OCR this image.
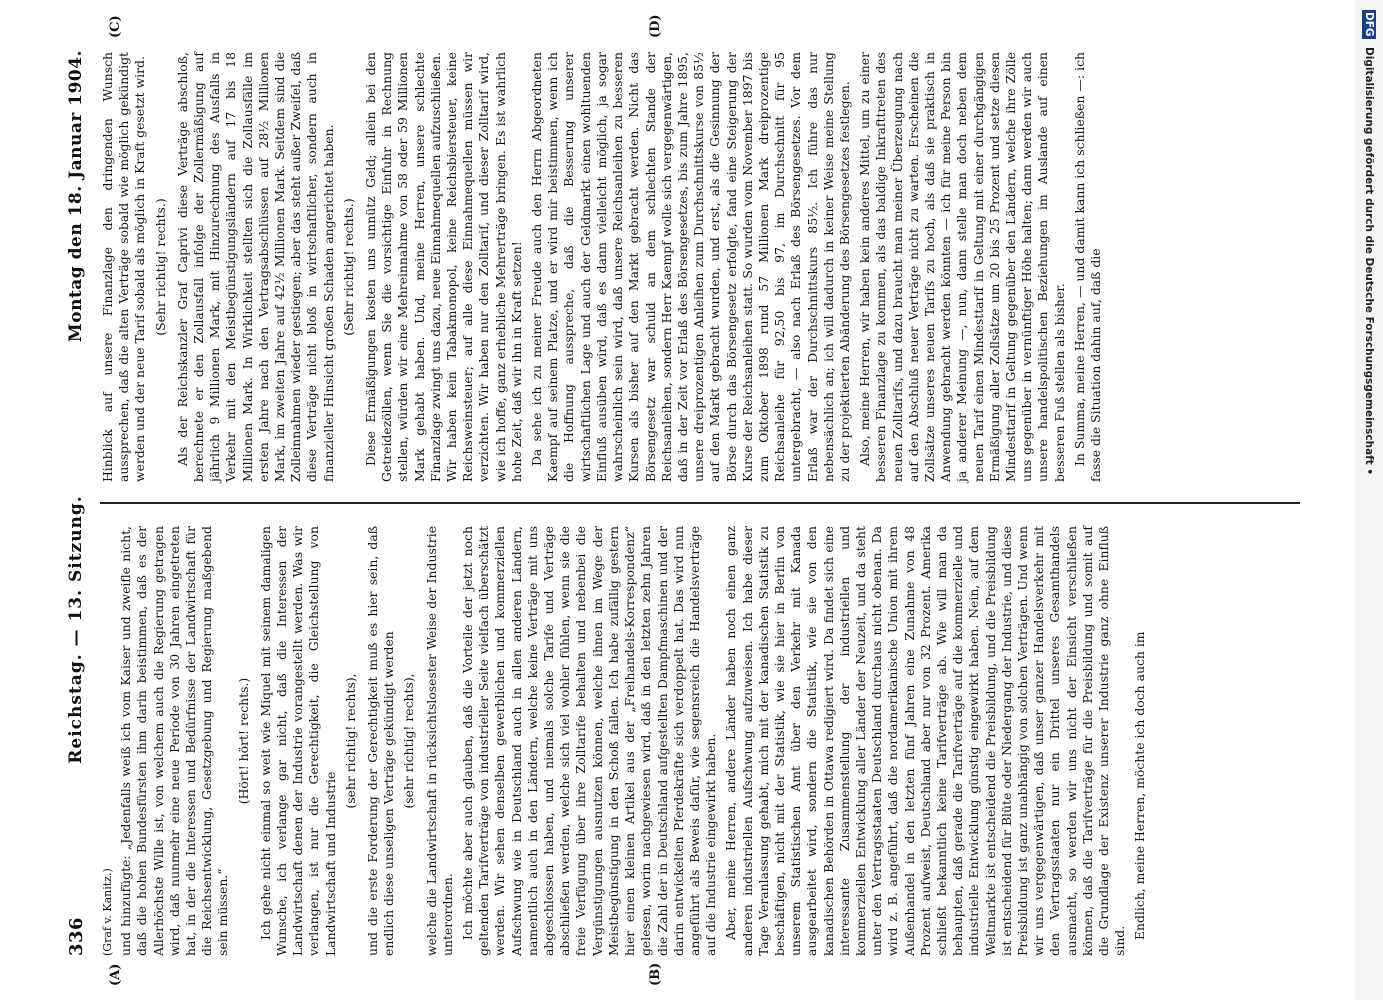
DFG
Digitalisierung gefördert durch die Deutsche Forschungsgemeinschaft •
336
Reichstag. — 13. Sitzung.
Montag den 18. Januar 1904.
(A)	(B)
(C)	(D)
(Graf v. Kanitz.) und hinzufügte: „Jedenfalls weiß ich vom Kaiser und zweifle nicht, daß die hohen Bundesfürsten ihm darin beistimmen, daß es der Allerhöchste Wille ist, von welchem auch die Regierung getragen wird, daß nunmehr eine neue Periode von 30 Jahren eingetreten hat, in der die Interessen und Bedürfnisse der Landwirtschaft für die Reichsentwicklung, Gesetzgebung und Regierung maßgebend sein müssen.“

(Hört! hört! rechts.) Ich gehe nicht einmal so weit wie Miquel mit seinem damaligen Wunsche, ich verlange gar nicht, daß die Interessen der Landwirtschaft denen der Industrie vorangestellt werden. Was wir verlangen, ist nur die Gerechtigkeit, die Gleichstellung von Landwirtschaft und Industrie

(sehr richtig! rechts), und die erste Forderung der Gerechtigkeit muß es hier sein, daß endlich diese unseligen Verträge gekündigt werden (sehr richtig! rechts), welche die Landwirtschaft in rücksichtslosester Weise der Industrie unterordnen. Ich möchte aber auch glauben, daß die Vorteile der jetzt noch geltenden Tarifverträge von industrieller Seite vielfach überschätzt werden. Wir sehen denselben gewerblichen und kommerziellen Aufschwung wie in Deutschland auch in allen anderen Ländern, namentlich auch in den Ländern, welche keine Verträge mit uns abgeschlossen haben, und niemals solche Tarife und Verträge abschließen werden, welche sich viel wohler fühlen, wenn sie die freie Verfügung über ihre Zolltarife behalten und nebenbei die Vergünstigungen ausnutzen können, welche ihnen im Wege der Meistbegünstigung in den Schoß fallen. Ich habe zufällig gestern hier einen kleinen Artikel aus der „Freihandels-Korrespondenz“ gelesen, worin nachgewiesen wird, daß in den letzten zehn Jahren die Zahl der in Deutschland aufgestellten Dampfmaschinen und der darin entwickelten Pferdekräfte sich verdoppelt hat. Das wird nun angeführt als Beweis dafür, wie segensreich die Handelsverträge auf die Industrie eingewirkt haben. Aber, meine Herren, andere Länder haben noch einen ganz anderen industriellen Aufschwung aufzuweisen. Ich habe dieser Tage Veranlassung gehabt, mich mit der kanadischen Statistik zu beschäftigen, nicht mit der Statistik, wie sie hier in Berlin von unserem Statistischen Amt über den Verkehr mit Kanada ausgearbeitet wird, sondern die Statistik, wie sie von den kanadischen Behörden in Ottawa redigiert wird. Da findet sich eine interessante Zusammenstellung der industriellen und kommerziellen Entwicklung aller Länder der Neuzeit, und da steht unter den Vertragsstaaten Deutschland durchaus nicht obenan. Da wird z. B. angeführt, daß die nordamerikanische Union mit ihrem Außenhandel in den letzten fünf Jahren eine Zunahme von 48 Prozent aufweist, Deutschland aber nur von 32 Prozent. Amerika schließt bekanntlich keine Tarifverträge ab. Wie will man da behaupten, daß gerade die Tarifverträge auf die kommerzielle und industrielle Entwicklung günstig eingewirkt haben. Nein, auf dem Weltmarkte ist entscheidend die Preisbildung, und die Preisbildung ist entscheidend für Blüte oder Niedergang der Industrie, und diese Preisbildung ist ganz unabhängig von solchen Verträgen. Und wenn wir uns vergegenwärtigen, daß unser ganzer Handelsverkehr mit den Vertragsstaaten nur ein Drittel unseres Gesamthandels ausmacht, so werden wir uns nicht der Einsicht verschließen können, daß die Tarifverträge für die Preisbildung und somit auf die Grundlage der Existenz unserer Industrie ganz ohne Einfluß sind.

Endlich, meine Herren, möchte ich doch auch im

Hinblick auf unsere Finanzlage den dringenden Wunsch aussprechen, daß die alten Verträge sobald wie möglich gekündigt werden und der neue Tarif sobald als möglich in Kraft gesetzt wird. (Sehr richtig! rechts.) Als der Reichskanzler Graf Caprivi diese Verträge abschloß, berechnete er den Zollausfall infolge der Zollermäßigung auf jährlich 9 Millionen Mark, mit Hinzurechnung des Ausfalls in Verkehr mit den Meistbegünstigungsländern auf 17 bis 18 Millionen Mark. In Wirklichkeit stellten sich die Zollausfälle im ersten Jahre nach den Vertragsabschlüssen auf 28½ Millionen Mark, im zweiten Jahre auf 42½ Millionen Mark. Seitdem sind die Zolleinnahmen wieder gestiegen; aber das steht außer Zweifel, daß diese Verträge nicht bloß in wirtschaftlicher, sondern auch in finanzieller Hinsicht großen Schaden angerichtet haben. (Sehr richtig! rechts.) Diese Ermäßigungen kosten uns unnütz Geld; allein bei den Getreidezöllen, wenn Sie die vorsichtige Einfuhr in Rechnung stellen, würden wir eine Mehreinnahme von 58 oder 59 Millionen Mark gehabt haben. Und, meine Herren, unsere schlechte Finanzlage zwingt uns dazu, neue Einnahmequellen aufzuschließen. Wir haben kein Tabakmonopol, keine Reichsbiersteuer, keine Reichsweinsteuer; auf alle diese Einnahmequellen müssen wir verzichten. Wir haben nur den Zolltarif, und dieser Zolltarif wird, wie ich hoffe, ganz erhebliche Mehrerträge bringen. Es ist wahrlich hohe Zeit, daß wir ihn in Kraft setzen! Da sehe ich zu meiner Freude auch den Herrn Abgeordneten Kaempf auf seinem Platze, und er wird mir beistimmen, wenn ich die Hoffnung ausspreche, daß die Besserung unserer wirtschaftlichen Lage und auch der Geldmarkt einen wohltuenden Einfluß ausüben wird, daß es dann vielleicht möglich, ja sogar wahrscheinlich sein wird, daß unsere Reichsanleihen zu besseren Kursen als bisher auf den Markt gebracht werden. Nicht das Börsengesetz war schuld an dem schlechten Stande der Reichsanleihen, sondern Herr Kaempf wolle sich vergegenwärtigen, daß in der Zeit vor Erlaß des Börsengesetzes, bis zum Jahre 1895, unsere dreiprozentigen Anleihen zum Durchschnittskurse von 85½ auf den Markt gebracht wurden, und erst, als die Gesinnung der Börse durch das Börsengesetz erfolgte, fand eine Steigerung der Kurse der Reichsanleihen statt. So wurden vom November 1897 bis zum Oktober 1898 rund 57 Millionen Mark dreiprozentige Reichsanleihe für 92,50 bis 97, im Durchschnitt für 95 untergebracht, — also nach Erlaß des Börsengesetzes. Vor dem Erlaß war der Durchschnittskurs 85½. Ich führe das nur nebensächlich an; ich will dadurch in keiner Weise meine Stellung zu der projektierten Abänderung des Börsengesetzes festlegen. Also, meine Herren, wir haben kein anderes Mittel, um zu einer besseren Finanzlage zu kommen, als das baldige Inkrafttreten des neuen Zolltarifs, und dazu braucht man meiner Überzeugung nach auf den Abschluß neuer Verträge nicht zu warten. Erscheinen die Zollsätze unseres neuen Tarifs zu hoch, als daß sie praktisch in Anwendung gebracht werden könnten — ich für meine Person bin ja anderer Meinung —, nun, dann stelle man doch neben dem neuen Tarif einen Mindesttarif in Geltung mit einer durchgängigen Ermäßigung aller Zollsätze um 20 bis 25 Prozent und setze diesen Mindesttarif in Geltung gegenüber den Ländern, welche ihre Zölle uns gegenüber in vernünftiger Höhe halten; dann werden wir auch unsere handelspolitischen Beziehungen im Auslande auf einen besseren Fuß stellen als bisher. In Summa, meine Herren, — und damit kann ich schließen —: ich fasse die Situation dahin auf, daß die
